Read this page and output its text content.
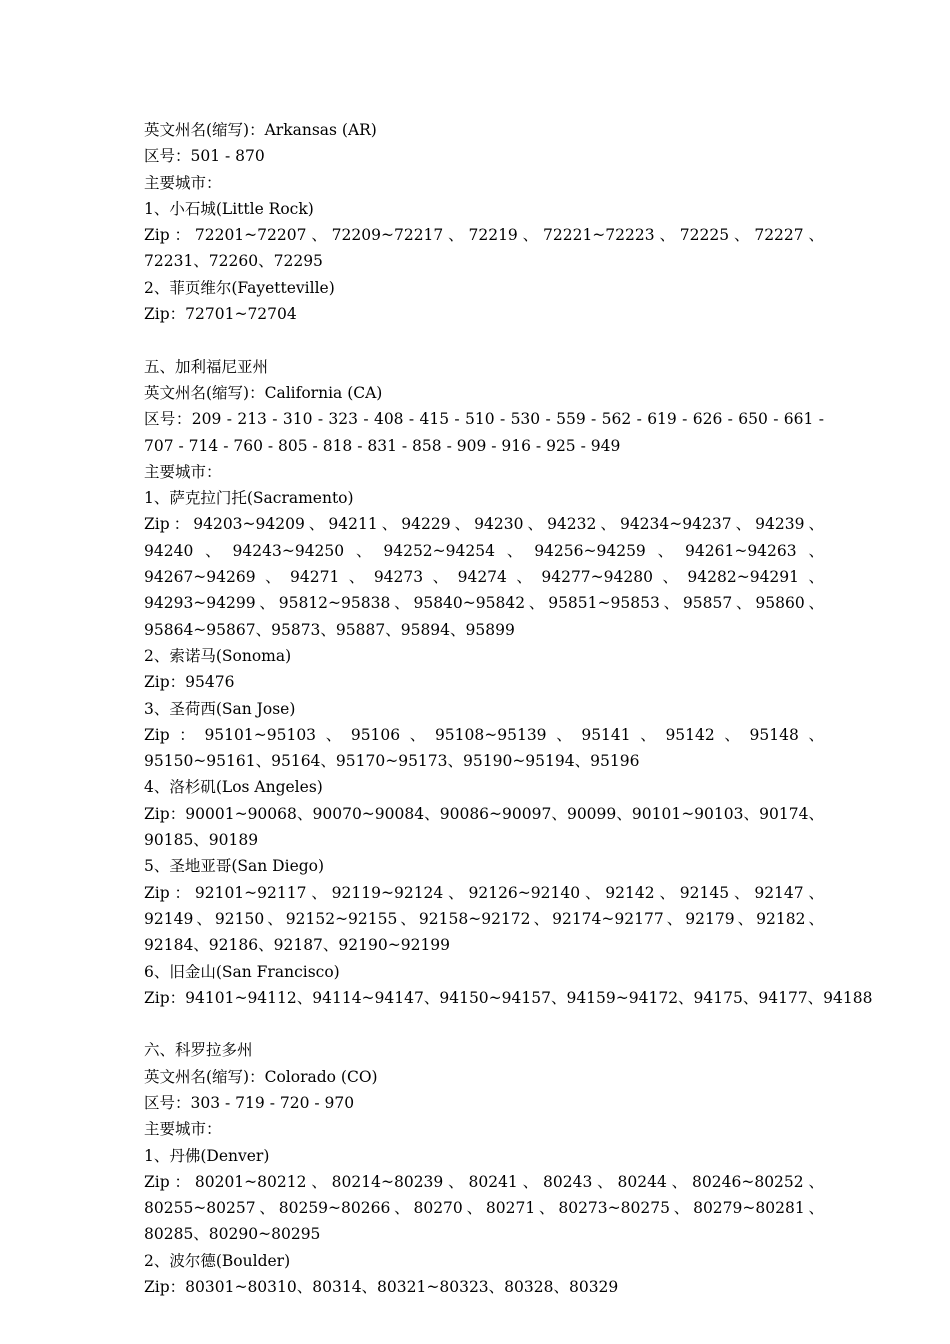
英文州名(缩写)：Arkansas (AR)
区号：501 - 870
主要城市：
1、小石城(Little Rock)
Zip：72201~72207、72209~72217、72219、72221~72223、72225、72227、72231、72260、72295
2、菲页维尔(Fayetteville)
Zip：72701~72704
五、加利福尼亚州
英文州名(缩写)：California (CA)
区号：209 - 213 - 310 - 323 - 408 - 415 - 510 - 530 - 559 - 562 - 619 - 626 - 650 - 661 - 707 - 714 - 760 - 805 - 818 - 831 - 858 - 909 - 916 - 925 - 949
主要城市：
1、萨克拉门托(Sacramento)
Zip：94203~94209、94211、94229、94230、94232、94234~94237、94239、94240、94243~94250、94252~94254、94256~94259、94261~94263、94267~94269、94271、94273、94274、94277~94280、94282~94291、94293~94299、95812~95838、95840~95842、95851~95853、95857、95860、95864~95867、95873、95887、95894、95899
2、索诺马(Sonoma)
Zip：95476
3、圣荷西(San Jose)
Zip：95101~95103、95106、95108~95139、95141、95142、95148、95150~95161、95164、95170~95173、95190~95194、95196
4、洛杉矶(Los Angeles)
Zip：90001~90068、90070~90084、90086~90097、90099、90101~90103、90174、90185、90189
5、圣地亚哥(San Diego)
Zip：92101~92117、92119~92124、92126~92140、92142、92145、92147、92149、92150、92152~92155、92158~92172、92174~92177、92179、92182、92184、92186、92187、92190~92199
6、旧金山(San Francisco)
Zip：94101~94112、94114~94147、94150~94157、94159~94172、94175、94177、94188
六、科罗拉多州
英文州名(缩写)：Colorado (CO)
区号：303 - 719 - 720 - 970
主要城市：
1、丹佛(Denver)
Zip：80201~80212、80214~80239、80241、80243、80244、80246~80252、80255~80257、80259~80266、80270、80271、80273~80275、80279~80281、80285、80290~80295
2、波尔德(Boulder)
Zip：80301~80310、80314、80321~80323、80328、80329
